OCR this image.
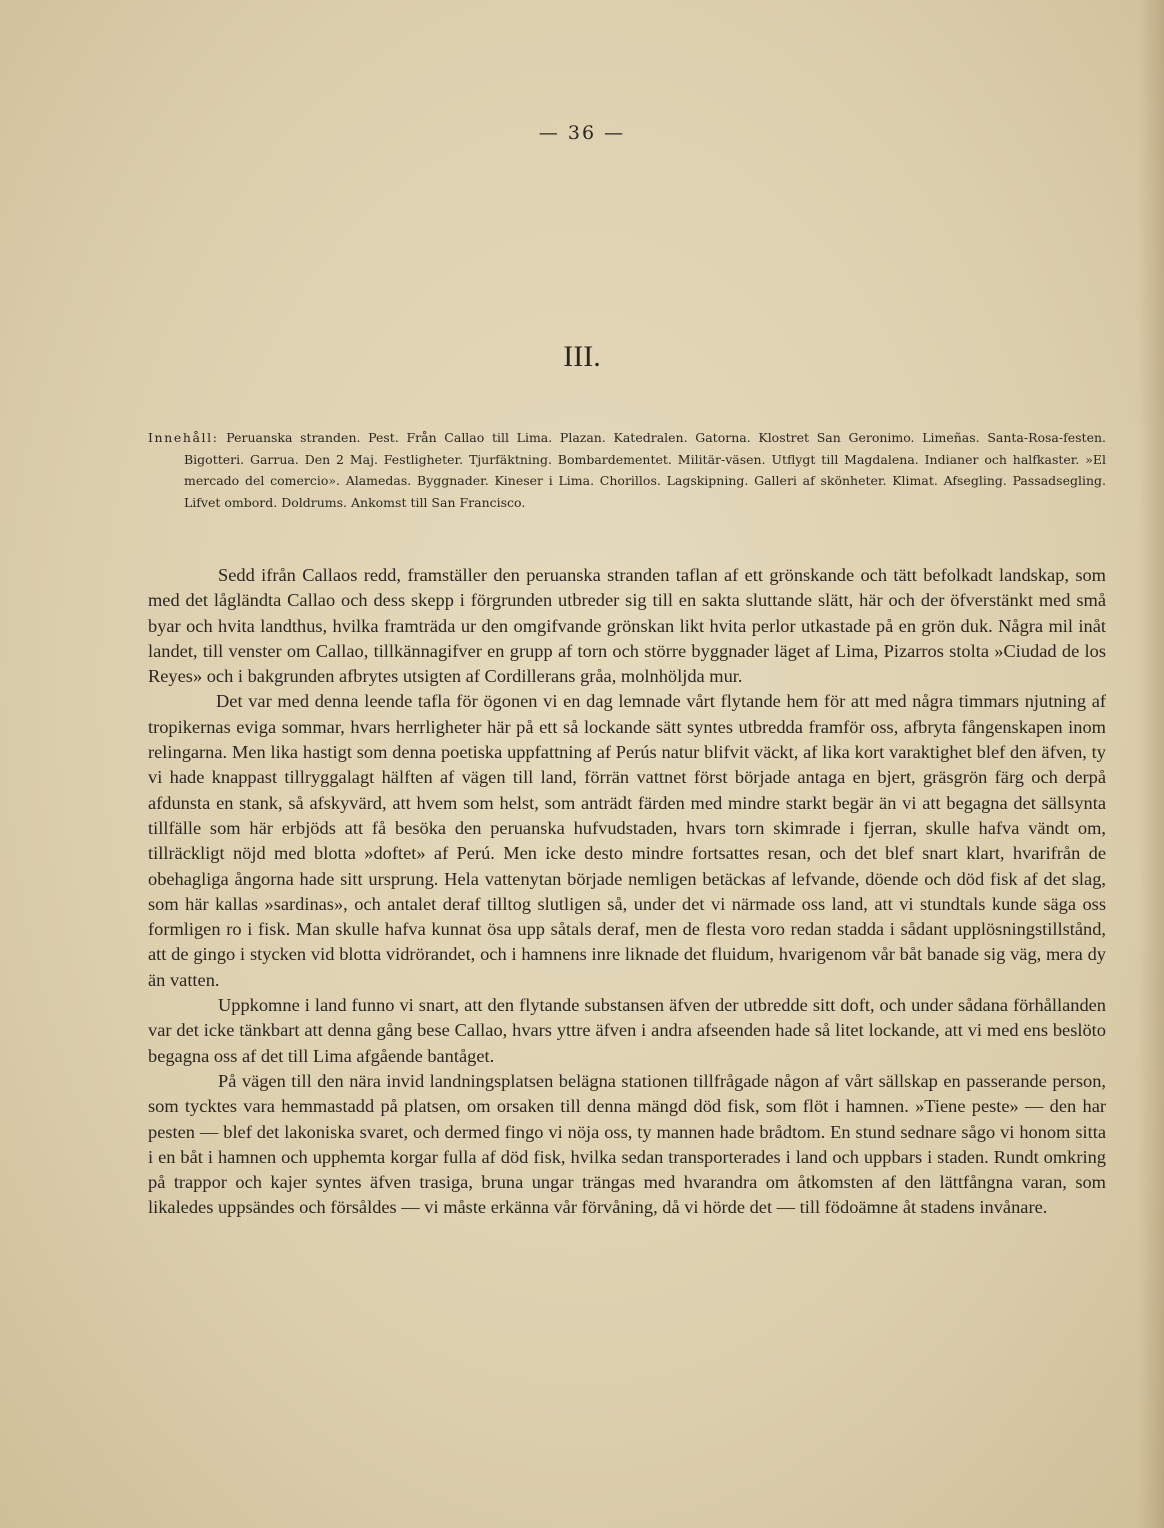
— 36 —
III.
Innehåll: Peruanska stranden. Pest. Från Callao till Lima. Plazan. Katedralen. Gatorna. Klostret San Geronimo. Limeñas. Santa-Rosa-festen. Bigotteri. Garrua. Den 2 Maj. Festligheter. Tjurfäktning. Bombardementet. Militär-väsen. Utflygt till Magdalena. Indianer och halfkaster. »El mercado del comercio». Alamedas. Byggnader. Kineser i Lima. Chorillos. Lagskipning. Galleri af skönheter. Klimat. Afsegling. Passadsegling. Lifvet ombord. Doldrums. Ankomst till San Francisco.

Sedd ifrån Callaos redd, framställer den peruanska stranden taflan af ett grönskande och tätt befolkadt landskap, som med det lågländta Callao och dess skepp i förgrunden utbreder sig till en sakta sluttande slätt, här och der öfverstänkt med små byar och hvita landthus, hvilka framträda ur den omgifvande grönskan likt hvita perlor utkastade på en grön duk. Några mil inåt landet, till venster om Callao, tillkännagifver en grupp af torn och större byggnader läget af Lima, Pizarros stolta »Ciudad de los Reyes» och i bakgrunden afbrytes utsigten af Cordillerans gråa, molnhöljda mur.

Det var med denna leende tafla för ögonen vi en dag lemnade vårt flytande hem för att med några timmars njutning af tropikernas eviga sommar, hvars herrligheter här på ett så lockande sätt syntes utbredda framför oss, afbryta fångenskapen inom relingarna. Men lika hastigt som denna poetiska uppfattning af Perús natur blifvit väckt, af lika kort varaktighet blef den äfven, ty vi hade knappast tillryggalagt hälften af vägen till land, förrän vattnet först började antaga en bjert, gräsgrön färg och derpå afdunsta en stank, så afskyvärd, att hvem som helst, som anträdt färden med mindre starkt begär än vi att begagna det sällsynta tillfälle som här erbjöds att få besöka den peruanska hufvudstaden, hvars torn skimrade i fjerran, skulle hafva vändt om, tillräckligt nöjd med blotta »doftet» af Perú. Men icke desto mindre fortsattes resan, och det blef snart klart, hvarifrån de obehagliga ångorna hade sitt ursprung. Hela vattenytan började nemligen betäckas af lefvande, döende och död fisk af det slag, som här kallas »sardinas», och antalet deraf tilltog slutligen så, under det vi närmade oss land, att vi stundtals kunde säga oss formligen ro i fisk. Man skulle hafva kunnat ösa upp såtals deraf, men de flesta voro redan stadda i sådant upplösningstillstånd, att de gingo i stycken vid blotta vidrörandet, och i hamnens inre liknade det fluidum, hvarigenom vår båt banade sig väg, mera dy än vatten.

Uppkomne i land funno vi snart, att den flytande substansen äfven der utbredde sitt doft, och under sådana förhållanden var det icke tänkbart att denna gång bese Callao, hvars yttre äfven i andra afseenden hade så litet lockande, att vi med ens beslöto begagna oss af det till Lima afgående bantåget.

På vägen till den nära invid landningsplatsen belägna stationen tillfrågade någon af vårt sällskap en passerande person, som tycktes vara hemmastadd på platsen, om orsaken till denna mängd död fisk, som flöt i hamnen. »Tiene peste» — den har pesten — blef det lakoniska svaret, och dermed fingo vi nöja oss, ty mannen hade brådtom. En stund sednare sågo vi honom sitta i en båt i hamnen och upphemta korgar fulla af död fisk, hvilka sedan transporterades i land och uppbars i staden. Rundt omkring på trappor och kajer syntes äfven trasiga, bruna ungar trängas med hvarandra om åtkomsten af den lättfångna varan, som likaledes uppsändes och försåldes — vi måste erkänna vår förvåning, då vi hörde det — till födoämne åt stadens invånare.
